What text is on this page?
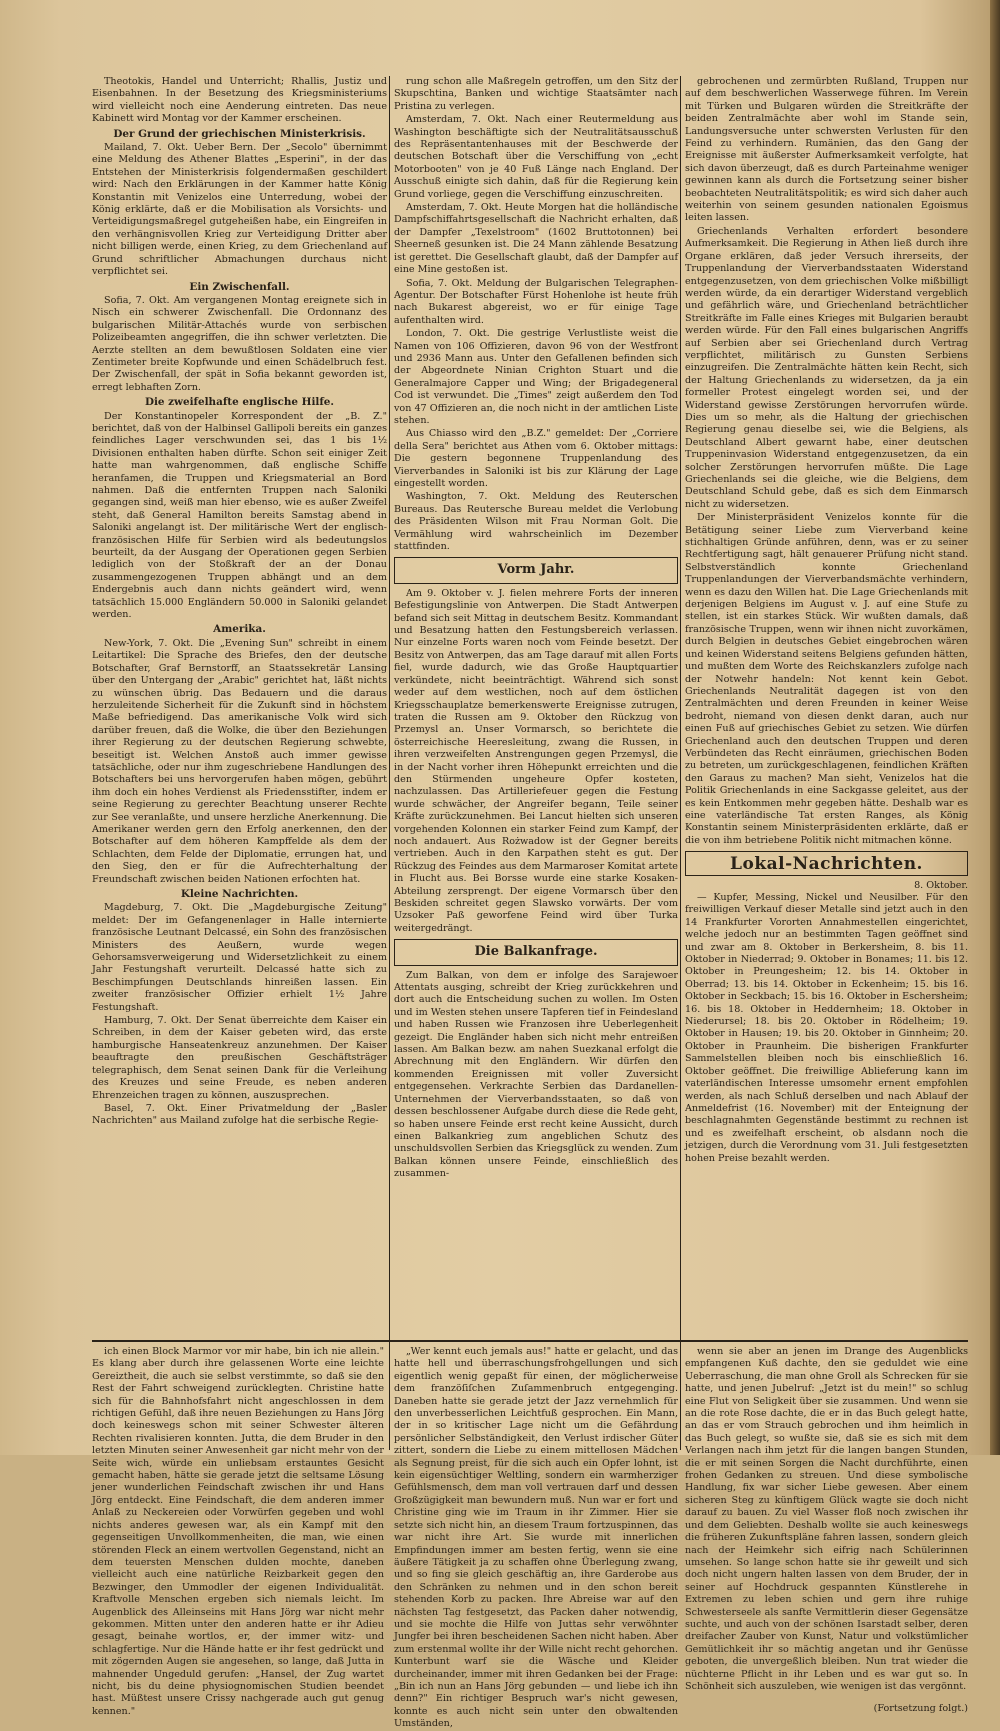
Theotokis, Handel und Unterricht; Rhallis, Justiz und Eisenbahnen. In der Besetzung des Kriegsministeriums wird vielleicht noch eine Aenderung eintreten. Das neue Kabinett wird Montag vor der Kammer erscheinen.

Der Grund der griechischen Ministerkrisis.

Mailand, 7. Okt. Ueber Bern. Der „Secolo" übernimmt eine Meldung des Athener Blattes „Esperini", in der das Entstehen der Ministerkrisis folgendermaßen geschildert wird: Nach den Erklärungen in der Kammer hatte König Konstantin mit Venizelos eine Unterredung, wobei der König erklärte, daß er die Mobilisation als Vorsichts- und Verteidigungsmaßregel gutgeheißen habe, ein Eingreifen in den verhängnisvollen Krieg zur Verteidigung Dritter aber nicht billigen werde, einen Krieg, zu dem Griechenland auf Grund schriftlicher Abmachungen durchaus nicht verpflichtet sei.

Ein Zwischenfall.

Sofia, 7. Okt. Am vergangenen Montag ereignete sich in Nisch ein schwerer Zwischenfall. Die Ordonnanz des bulgarischen Militär-Attachés wurde von serbischen Polizeibeamten angegriffen, die ihn schwer verletzten. Die Aerzte stellten an dem bewußtlosen Soldaten eine vier Zentimeter breite Kopfwunde und einen Schädelbruch fest. Der Zwischenfall, der spät in Sofia bekannt geworden ist, erregt lebhaften Zorn.

Die zweifelhafte englische Hilfe.

Der Konstantinopeler Korrespondent der „B. Z." berichtet, daß von der Halbinsel Gallipoli bereits ein ganzes feindliches Lager verschwunden sei, das 1 bis 1½ Divisionen enthalten haben dürfte. Schon seit einiger Zeit hatte man wahrgenommen, daß englische Schiffe heranfamen, die Truppen und Kriegsmaterial an Bord nahmen. Daß die entfernten Truppen nach Saloniki gegangen sind, weiß man hier ebenso, wie es außer Zweifel steht, daß General Hamilton bereits Samstag abend in Saloniki angelangt ist. Der militärische Wert der englisch-französischen Hilfe für Serbien wird als bedeutungslos beurteilt, da der Ausgang der Operationen gegen Serbien lediglich von der Stoßkraft der an der Donau zusammengezogenen Truppen abhängt und an dem Endergebnis auch dann nichts geändert wird, wenn tatsächlich 15.000 Engländern 50.000 in Saloniki gelandet werden.

Amerika.

New-York, 7. Okt. Die „Evening Sun" schreibt in einem Leitartikel: Die Sprache des Briefes, den der deutsche Botschafter, Graf Bernstorff, an Staatssekretär Lansing über den Untergang der „Arabic" gerichtet hat, läßt nichts zu wünschen übrig. Das Bedauern und die daraus herzuleitende Sicherheit für die Zukunft sind in höchstem Maße befriedigend. Das amerikanische Volk wird sich darüber freuen, daß die Wolke, die über den Beziehungen ihrer Regierung zu der deutschen Regierung schwebte, beseitigt ist. Welchen Anstoß auch immer gewisse tatsächliche, oder nur ihm zugeschriebene Handlungen des Botschafters bei uns hervorgerufen haben mögen, gebührt ihm doch ein hohes Verdienst als Friedensstifter, indem er seine Regierung zu gerechter Beachtung unserer Rechte zur See veranlaßte, und unsere herzliche Anerkennung. Die Amerikaner werden gern den Erfolg anerkennen, den der Botschafter auf dem höheren Kampffelde als dem der Schlachten, dem Felde der Diplomatie, errungen hat, und den Sieg, den er für die Aufrechterhaltung der Freundschaft zwischen beiden Nationen erfochten hat.

Kleine Nachrichten.

Magdeburg, 7. Okt. Die „Magdeburgische Zeitung" meldet: Der im Gefangenenlager in Halle internierte französische Leutnant Delcassé, ein Sohn des französischen Ministers des Aeußern, wurde wegen Gehorsamsverweigerung und Widersetzlichkeit zu einem Jahr Festungshaft verurteilt. Delcassé hatte sich zu Beschimpfungen Deutschlands hinreißen lassen. Ein zweiter französischer Offizier erhielt 1½ Jahre Festungshaft.

Hamburg, 7. Okt. Der Senat überreichte dem Kaiser ein Schreiben, in dem der Kaiser gebeten wird, das erste hamburgische Hanseatenkreuz anzunehmen. Der Kaiser beauftragte den preußischen Geschäftsträger telegraphisch, dem Senat seinen Dank für die Verleihung des Kreuzes und seine Freude, es neben anderen Ehrenzeichen tragen zu können, auszusprechen.

Basel, 7. Okt. Einer Privatmeldung der „Basler Nachrichten" aus Mailand zufolge hat die serbische Regie-

rung schon alle Maßregeln getroffen, um den Sitz der Skupschtina, Banken und wichtige Staatsämter nach Pristina zu verlegen.

Amsterdam, 7. Okt. Nach einer Reutermeldung aus Washington beschäftigte sich der Neutralitätsausschuß des Repräsentantenhauses mit der Beschwerde der deutschen Botschaft über die Verschiffung von „echt Motorbooten" von je 40 Fuß Länge nach England. Der Ausschuß einigte sich dahin, daß für die Regierung kein Grund vorliege, gegen die Verschiffung einzuschreiten.

Amsterdam, 7. Okt. Heute Morgen hat die holländische Dampfschiffahrtsgesellschaft die Nachricht erhalten, daß der Dampfer „Texelstroom" (1602 Bruttotonnen) bei Sheerneß gesunken ist. Die 24 Mann zählende Besatzung ist gerettet. Die Gesellschaft glaubt, daß der Dampfer auf eine Mine gestoßen ist.

Sofia, 7. Okt. Meldung der Bulgarischen Telegraphen-Agentur. Der Botschafter Fürst Hohenlohe ist heute früh nach Bukarest abgereist, wo er für einige Tage aufenthalten wird.

London, 7. Okt. Die gestrige Verlustliste weist die Namen von 106 Offizieren, davon 96 von der Westfront und 2936 Mann aus. Unter den Gefallenen befinden sich der Abgeordnete Ninian Crighton Stuart und die Generalmajore Capper und Wing; der Brigadegeneral Cod ist verwundet. Die „Times" zeigt außerdem den Tod von 47 Offizieren an, die noch nicht in der amtlichen Liste stehen.

Aus Chiasso wird den „B.Z." gemeldet: Der „Corriere della Sera" berichtet aus Athen vom 6. Oktober mittags: Die gestern begonnene Truppenlandung des Vierverbandes in Saloniki ist bis zur Klärung der Lage eingestellt worden.

Washington, 7. Okt. Meldung des Reuterschen Bureaus. Das Reutersche Bureau meldet die Verlobung des Präsidenten Wilson mit Frau Norman Golt. Die Vermählung wird wahrscheinlich im Dezember stattfinden.

Vorm Jahr.

Am 9. Oktober v. J. fielen mehrere Forts der inneren Befestigungslinie von Antwerpen. Die Stadt Antwerpen befand sich seit Mittag in deutschem Besitz. Kommandant und Besatzung hatten den Festungsbereich verlassen. Nur einzelne Forts waren noch vom Feinde besetzt. Der Besitz von Antwerpen, das am Tage darauf mit allen Forts fiel, wurde dadurch, wie das Große Hauptquartier verkündete, nicht beeinträchtigt. Während sich sonst weder auf dem westlichen, noch auf dem östlichen Kriegsschauplatze bemerkenswerte Ereignisse zutrugen, traten die Russen am 9. Oktober den Rückzug von Przemysl an. Unser Vormarsch, so berichtete die österreichische Heeresleitung, zwang die Russen, in ihren verzweifelten Anstrengungen gegen Przemysl, die in der Nacht vorher ihren Höhepunkt erreichten und die den Stürmenden ungeheure Opfer kosteten, nachzulassen. Das Artilleriefeuer gegen die Festung wurde schwächer, der Angreifer begann, Teile seiner Kräfte zurückzunehmen. Bei Lancut hielten sich unseren vorgehenden Kolonnen ein starker Feind zum Kampf, der noch andauert. Aus Rożwadow ist der Gegner bereits vertrieben. Auch in den Karpathen steht es gut. Der Rückzug des Feindes aus dem Marmaroser Komitat artete in Flucht aus. Bei Borsse wurde eine starke Kosaken-Abteilung zersprengt. Der eigene Vormarsch über den Beskiden schreitet gegen Slawsko vorwärts. Der vom Uzsoker Paß geworfene Feind wird über Turka weitergedrängt.

Die Balkanfrage.

Zum Balkan, von dem er infolge des Sarajewoer Attentats ausging, schreibt der Krieg zurückkehren und dort auch die Entscheidung suchen zu wollen. Im Osten und im Westen stehen unsere Tapferen tief in Feindesland und haben Russen wie Franzosen ihre Ueberlegenheit gezeigt. Die Engländer haben sich nicht mehr entreißen lassen. Am Balkan bezw. am nahen Suezkanal erfolgt die Abrechnung mit den Engländern. Wir dürfen den kommenden Ereignissen mit voller Zuversicht entgegensehen. Verkrachte Serbien das Dardanellen-Unternehmen der Vierverbandsstaaten, so daß von dessen beschlossener Aufgabe durch diese die Rede geht, so haben unsere Feinde erst recht keine Aussicht, durch einen Balkankrieg zum angeblichen Schutz des unschuldsvollen Serbien das Kriegsglück zu wenden. Zum Balkan können unsere Feinde, einschließlich des zusammen-

gebrochenen und zermürbten Rußland, Truppen nur auf dem beschwerlichen Wasserwege führen. Im Verein mit Türken und Bulgaren würden die Streitkräfte der beiden Zentralmächte aber wohl im Stande sein, Landungsversuche unter schwersten Verlusten für den Feind zu verhindern. Rumänien, das den Gang der Ereignisse mit äußerster Aufmerksamkeit verfolgte, hat sich davon überzeugt, daß es durch Parteinahme weniger gewinnen kann als durch die Fortsetzung seiner bisher beobachteten Neutralitätspolitik; es wird sich daher auch weiterhin von seinem gesunden nationalen Egoismus leiten lassen.

Griechenlands Verhalten erfordert besondere Aufmerksamkeit. Die Regierung in Athen ließ durch ihre Organe erklären, daß jeder Versuch ihrerseits, der Truppenlandung der Vierverbandsstaaten Widerstand entgegenzusetzen, von dem griechischen Volke mißbilligt werden würde, da ein derartiger Widerstand vergeblich und gefährlich wäre, und Griechenland beträchtlicher Streitkräfte im Falle eines Krieges mit Bulgarien beraubt werden würde. Für den Fall eines bulgarischen Angriffs auf Serbien aber sei Griechenland durch Vertrag verpflichtet, militärisch zu Gunsten Serbiens einzugreifen. Die Zentralmächte hätten kein Recht, sich der Haltung Griechenlands zu widersetzen, da ja ein formeller Protest eingelegt worden sei, und der Widerstand gewisse Zerstörungen hervorrufen würde. Dies um so mehr, als die Haltung der griechischen Regierung genau dieselbe sei, wie die Belgiens, als Deutschland Albert gewarnt habe, einer deutschen Truppeninvasion Widerstand entgegenzusetzen, da ein solcher Zerstörungen hervorrufen müßte. Die Lage Griechenlands sei die gleiche, wie die Belgiens, dem Deutschland Schuld gebe, daß es sich dem Einmarsch nicht zu widersetzen.

Der Ministerpräsident Venizelos konnte für die Betätigung seiner Liebe zum Vierverband keine stichhaltigen Gründe anführen, denn, was er zu seiner Rechtfertigung sagt, hält genauerer Prüfung nicht stand. Selbstverständlich konnte Griechenland Truppenlandungen der Vierverbandsmächte verhindern, wenn es dazu den Willen hat. Die Lage Griechenlands mit derjenigen Belgiens im August v. J. auf eine Stufe zu stellen, ist ein starkes Stück. Wir wußten damals, daß französische Truppen, wenn wir ihnen nicht zuvorkämen, durch Belgien in deutsches Gebiet eingebrochen wären und keinen Widerstand seitens Belgiens gefunden hätten, und mußten dem Worte des Reichskanzlers zufolge nach der Notwehr handeln: Not kennt kein Gebot. Griechenlands Neutralität dagegen ist von den Zentralmächten und deren Freunden in keiner Weise bedroht, niemand von diesen denkt daran, auch nur einen Fuß auf griechisches Gebiet zu setzen. Wie dürfen Griechenland auch den deutschen Truppen und deren Verbündeten das Recht einräumen, griechischen Boden zu betreten, um zurückgeschlagenen, feindlichen Kräften den Garaus zu machen? Man sieht, Venizelos hat die Politik Griechenlands in eine Sackgasse geleitet, aus der es kein Entkommen mehr gegeben hätte. Deshalb war es eine vaterländische Tat ersten Ranges, als König Konstantin seinem Ministerpräsidenten erklärte, daß er die von ihm betriebene Politik nicht mitmachen könne.

Lokal-Nachrichten.

8. Oktober.

— Kupfer, Messing, Nickel und Neusilber. Für den freiwilligen Verkauf dieser Metalle sind jetzt auch in den 14 Frankfurter Vororten Annahmestellen eingerichtet, welche jedoch nur an bestimmten Tagen geöffnet sind und zwar am 8. Oktober in Berkersheim, 8. bis 11. Oktober in Niederrad; 9. Oktober in Bonames; 11. bis 12. Oktober in Preungesheim; 12. bis 14. Oktober in Oberrad; 13. bis 14. Oktober in Eckenheim; 15. bis 16. Oktober in Seckbach; 15. bis 16. Oktober in Eschersheim; 16. bis 18. Oktober in Heddernheim; 18. Oktober in Niederursel; 18. bis 20. Oktober in Rödelheim; 19. Oktober in Hausen; 19. bis 20. Oktober in Ginnheim; 20. Oktober in Praunheim. Die bisherigen Frankfurter Sammelstellen bleiben noch bis einschließlich 16. Oktober geöffnet. Die freiwillige Ablieferung kann im vaterländischen Interesse umsomehr ernent empfohlen werden, als nach Schluß derselben und nach Ablauf der Anmeldefrist (16. November) mit der Enteignung der beschlagnahmten Gegenstände bestimmt zu rechnen ist und es zweifelhaft erscheint, ob alsdann noch die jetzigen, durch die Verordnung vom 31. Juli festgesetzten hohen Preise bezahlt werden.

ich einen Block Marmor vor mir habe, bin ich nie allein." Es klang aber durch ihre gelassenen Worte eine leichte Gereiztheit, die auch sie selbst verstimmte, so daß sie den Rest der Fahrt schweigend zurücklegten. Christine hatte sich für die Bahnhofsfahrt nicht angeschlossen in dem richtigen Gefühl, daß ihre neuen Beziehungen zu Hans Jörg doch keineswegs schon mit seiner Schwester älteren Rechten rivalisieren konnten. Jutta, die dem Bruder in den letzten Minuten seiner Anwesenheit gar nicht mehr von der Seite wich, würde ein unliebsam erstauntes Gesicht gemacht haben, hätte sie gerade jetzt die seltsame Lösung jener wunderlichen Feindschaft zwischen ihr und Hans Jörg entdeckt. Eine Feindschaft, die dem anderen immer Anlaß zu Neckereien oder Vorwürfen gegeben und wohl nichts anderes gewesen war, als ein Kampf mit den gegenseitigen Unvollkommenheiten, die man, wie einen störenden Fleck an einem wertvollen Gegenstand, nicht an dem teuersten Menschen dulden mochte, daneben vielleicht auch eine natürliche Reizbarkeit gegen den Bezwinger, den Ummodler der eigenen Individualität. Kraftvolle Menschen ergeben sich niemals leicht. Im Augenblick des Alleinseins mit Hans Jörg war nicht mehr gekommen. Mitten unter den anderen hatte er ihr Adieu gesagt, beinahe wortlos, er, der immer witz- und schlagfertige. Nur die Hände hatte er ihr fest gedrückt und mit zögernden Augen sie angesehen, so lange, daß Jutta in mahnender Ungeduld gerufen: „Hansel, der Zug wartet nicht, bis du deine physiognomischen Studien beendet hast. Müßtest unsere Crissy nachgerade auch gut genug kennen."

„Wer kennt euch jemals aus!" hatte er gelacht, und das hatte hell und überraschungsfrohgellungen und sich eigentlich wenig gepaßt für einen, der möglicherweise dem franzöſiſchen Zuſammenbruch entgegenging. Daneben hatte sie gerade jetzt der Jazz vernehmlich für den unverbesserlichen Leichtfuß gesprochen. Ein Mann, der in so kritischer Lage nicht um die Gefährdung persönlicher Selbständigkeit, den Verlust irdischer Güter zittert, sondern die Liebe zu einem mittellosen Mädchen als Segnung preist, für die sich auch ein Opfer lohnt, ist kein eigensüchtiger Weltling, sondern ein warmherziger Gefühlsmensch, dem man voll vertrauen darf und dessen Großzügigkeit man bewundern muß. Nun war er fort und Christine ging wie im Traum in ihr Zimmer. Hier sie setzte sich nicht hin, an diesem Traum fortzuspinnen, das war nicht ihre Art. Sie wurde mit innerlichen Empfindungen immer am besten fertig, wenn sie eine äußere Tätigkeit ja zu schaffen ohne Überlegung zwang, und so fing sie gleich geschäftig an, ihre Garderobe aus den Schränken zu nehmen und in den schon bereit stehenden Korb zu packen. Ihre Abreise war auf den nächsten Tag festgesetzt, das Packen daher notwendig, und sie mochte die Hilfe von Juttas sehr verwöhnter Jungfer bei ihren bescheidenen Sachen nicht haben. Aber zum erstenmal wollte ihr der Wille nicht recht gehorchen. Kunterbunt warf sie die Wäsche und Kleider durcheinander, immer mit ihren Gedanken bei der Frage: „Bin ich nun an Hans Jörg gebunden — und liebe ich ihn denn?" Ein richtiger Bespruch war's nicht gewesen, konnte es auch nicht sein unter den obwaltenden Umständen,

wenn sie aber an jenen im Drange des Augenblicks empfangenen Kuß dachte, den sie geduldet wie eine Ueberraschung, die man ohne Groll als Schrecken für sie hatte, und jenen Jubelruf: „Jetzt ist du mein!" so schlug eine Flut von Seligkeit über sie zusammen. Und wenn sie an die rote Rose dachte, die er in das Buch gelegt hatte, an das er vom Strauch gebrochen und ihm heimlich in das Buch gelegt, so wußte sie, daß sie es sich mit dem Verlangen nach ihm jetzt für die langen bangen Stunden, die er mit seinen Sorgen die Nacht durchführte, einen frohen Gedanken zu streuen. Und diese symbolische Handlung, fix war sicher Liebe gewesen. Aber einem sicheren Steg zu künftigem Glück wagte sie doch nicht darauf zu bauen. Zu viel Wasser floß noch zwischen ihr und dem Geliebten. Deshalb wollte sie auch keineswegs die früheren Zukunftspläne fahren lassen, sondern gleich nach der Heimkehr sich eifrig nach Schülerinnen umsehen. So lange schon hatte sie ihr geweilt und sich doch nicht ungern halten lassen von dem Bruder, der in seiner auf Hochdruck gespannten Künstlerehe in Extremen zu leben schien und gern ihre ruhige Schwesterseele als sanfte Vermittlerin dieser Gegensätze suchte, und auch von der schönen Isarstadt selber, deren dreifacher Zauber von Kunst, Natur und volkstümlicher Gemütlichkeit ihr so mächtig angetan und ihr Genüsse geboten, die unvergeßlich bleiben. Nun trat wieder die nüchterne Pflicht in ihr Leben und es war gut so. In Schönheit sich auszuleben, wie wenigen ist das vergönnt.

(Fortsetzung folgt.)
